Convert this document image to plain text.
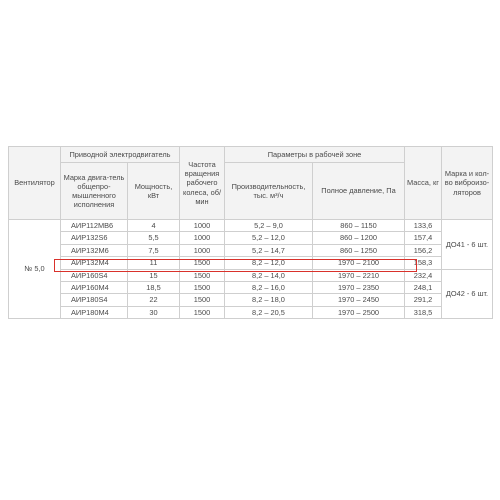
Вентилятор	Приводной электродвигатель		Частота вращения рабочего колеса, об/мин	Параметры в рабочей зоне		Масса, кг	Марка и кол-во виброизо-ляторов
	Марка двига-тель общепро-мышленного исполнения	Мощность, кВт		Производительность, тыс. м³/ч	Полное давление, Па		
№ 5,0	АИР112МВ6	4	1000	5,2 – 9,0	860 – 1150	133,6	ДО41 - 6 шт.
	АИР132S6	5,5	1000	5,2 – 12,0	860 – 1200	157,4	
	АИР132М6	7,5	1000	5,2 – 14,7	860 – 1250	156,2	
	АИР132М4	11	1500	8,2 – 12,0	1970 – 2100	158,3	
	АИР160S4	15	1500	8,2 – 14,0	1970 – 2210	232,4	ДО42 - 6 шт.
	АИР160М4	18,5	1500	8,2 – 16,0	1970 – 2350	248,1	
	АИР180S4	22	1500	8,2 – 18,0	1970 – 2450	291,2	
	АИР180М4	30	1500	8,2 – 20,5	1970 – 2500	318,5	
